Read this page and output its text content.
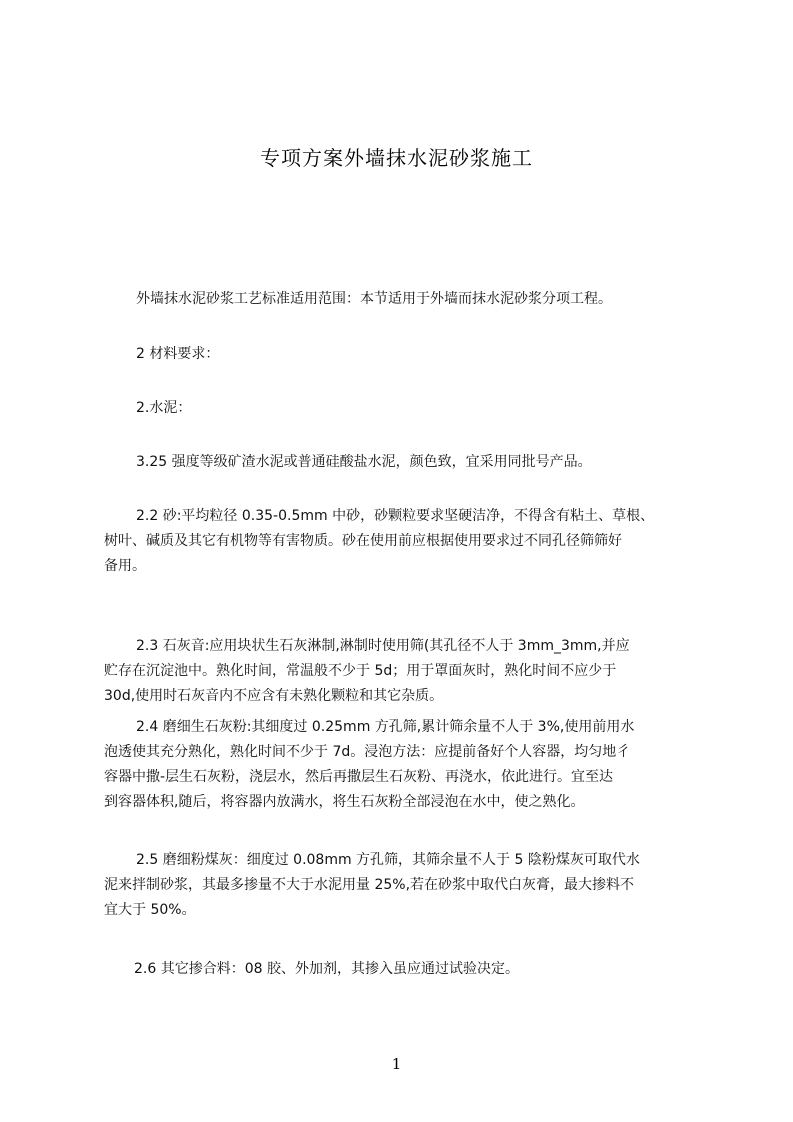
专项方案外墙抹水泥砂浆施工

外墙抹水泥砂浆工艺标准适用范围：本节适用于外墙而抹水泥砂浆分项工程。

2 材料要求：

2.水泥：

3.25 强度等级矿渣水泥或普通硅酸盐水泥，颜色致，宜采用同批号产品。

2.2 砂:平均粒径 0.35-0.5mm 中砂，砂颗粒要求坚硬洁净，不得含有粘土、草根、
树叶、碱质及其它有机物等有害物质。砂在使用前应根据使用要求过不同孔径筛筛好
备用。

2.3 石灰音:应用块状生石灰淋制,淋制时使用筛(其孔径不人于 3mm_3mm,并应
贮存在沉淀池中。熟化时间，常温般不少于 5d；用于罩面灰时，熟化时间不应少于
30d,使用时石灰音内不应含有未熟化颗粒和其它杂质。

2.4 磨细生石灰粉:其细度过 0.25mm 方孔筛,累计筛余量不人于 3%,使用前用水
泡透使其充分熟化，熟化时间不少于 7d。浸泡方法：应提前备好个人容器，均匀地彳
容器中撒-层生石灰粉，浇层水，然后再撒层生石灰粉、再浇水，依此进行。宜至达
到容器体积,随后，将容器内放满水，将生石灰粉全部浸泡在水中，使之熟化。

2.5 磨细粉煤灰：细度过 0.08mm 方孔筛，其筛余量不人于 5 陰粉煤灰可取代水
泥来拌制砂浆，其最多掺量不大于水泥用量 25%,若在砂浆中取代白灰膏，最大掺料不
宜大于 50%。

2.6 其它掺合料：08 胶、外加剂，其掺入虽应通过试验决定。

1
